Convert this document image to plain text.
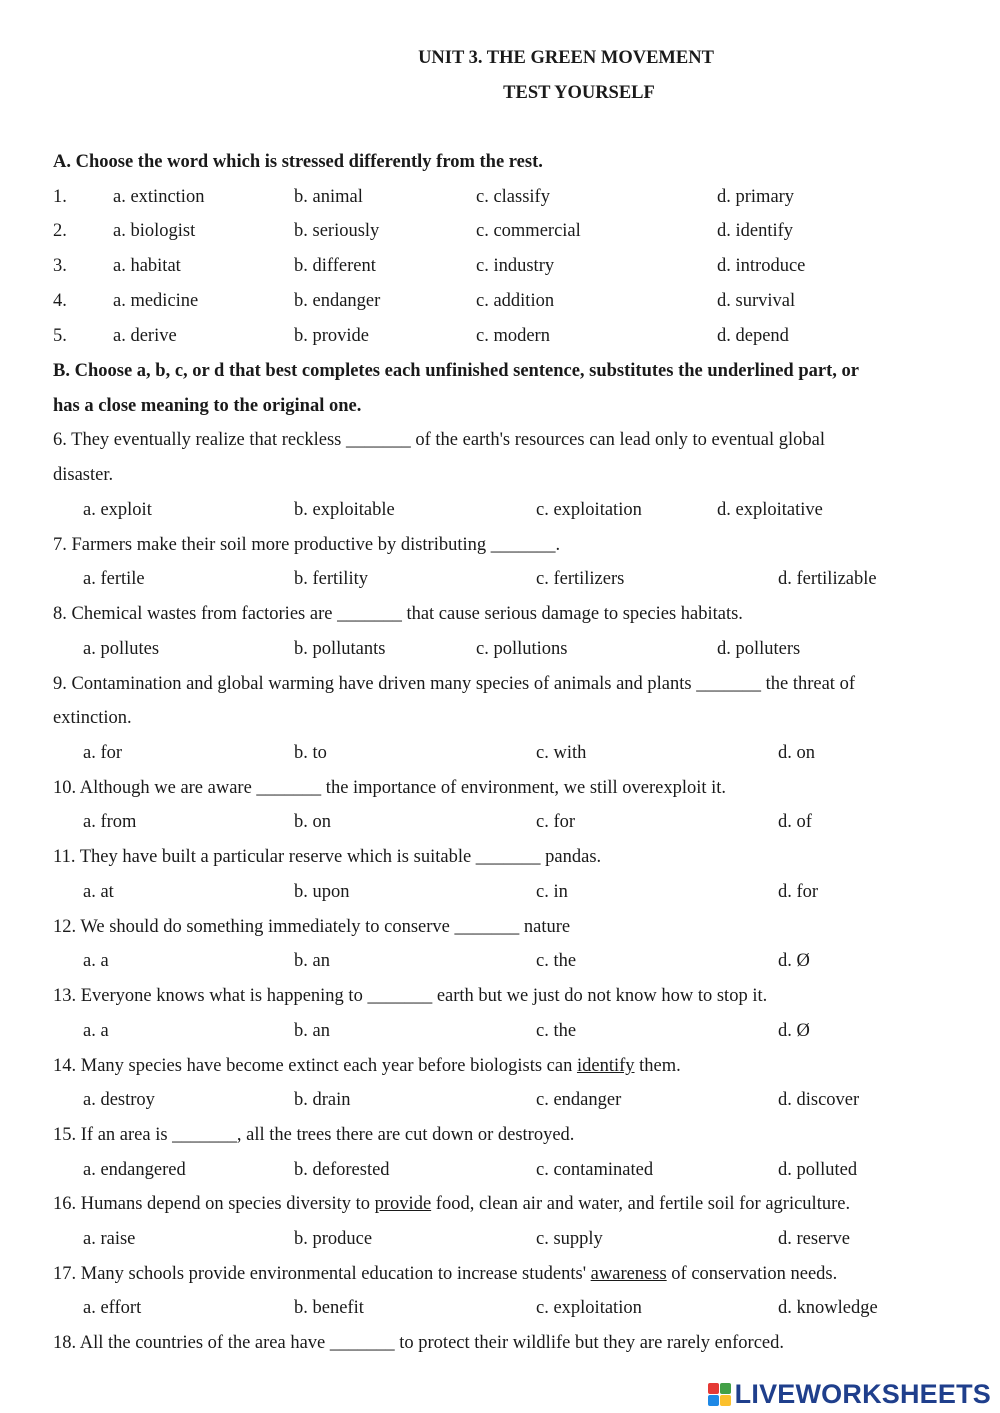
UNIT 3. THE GREEN MOVEMENT
TEST YOURSELF
A. Choose the word which is stressed differently from the rest.
1. a. extinction	b. animal	c. classify	d. primary
2. a. biologist	b. seriously	c. commercial	d. identify
3. a. habitat	b. different	c. industry	d. introduce
4. a. medicine	b. endanger	c. addition	d. survival
5. a. derive	b. provide	c. modern	d. depend
B. Choose a, b, c, or d that best completes each unfinished sentence, substitutes the underlined part, or
has a close meaning to the original one.
6. They eventually realize that reckless _______ of the earth's resources can lead only to eventual global
disaster.
a. exploit	b. exploitable	c. exploitation	d. exploitative
7. Farmers make their soil more productive by distributing _______.
a. fertile	b. fertility	c. fertilizers	d. fertilizable
8. Chemical wastes from factories are _______ that cause serious damage to species habitats.
a. pollutes	b. pollutants	c. pollutions	d. polluters
9. Contamination and global warming have driven many species of animals and plants _______ the threat of
extinction.
a. for	b. to	c. with	d. on
10. Although we are aware _______ the importance of environment, we still overexploit it.
a. from	b. on	c. for	d. of
11. They have built a particular reserve which is suitable _______ pandas.
a. at	b. upon	c. in	d. for
12. We should do something immediately to conserve _______ nature
a. a	b. an	c. the	d. Ø
13. Everyone knows what is happening to _______ earth but we just do not know how to stop it.
a. a	b. an	c. the	d. Ø
14. Many species have become extinct each year before biologists can identify them.
a. destroy	b. drain	c. endanger	d. discover
15. If an area is _______, all the trees there are cut down or destroyed.
a. endangered	b. deforested	c. contaminated	d. polluted
16. Humans depend on species diversity to provide food, clean air and water, and fertile soil for agriculture.
a. raise	b. produce	c. supply	d. reserve
17. Many schools provide environmental education to increase students' awareness of conservation needs.
a. effort	b. benefit	c. exploitation	d. knowledge
18. All the countries of the area have _______ to protect their wildlife but they are rarely enforced.
LIVEWORKSHEETS
